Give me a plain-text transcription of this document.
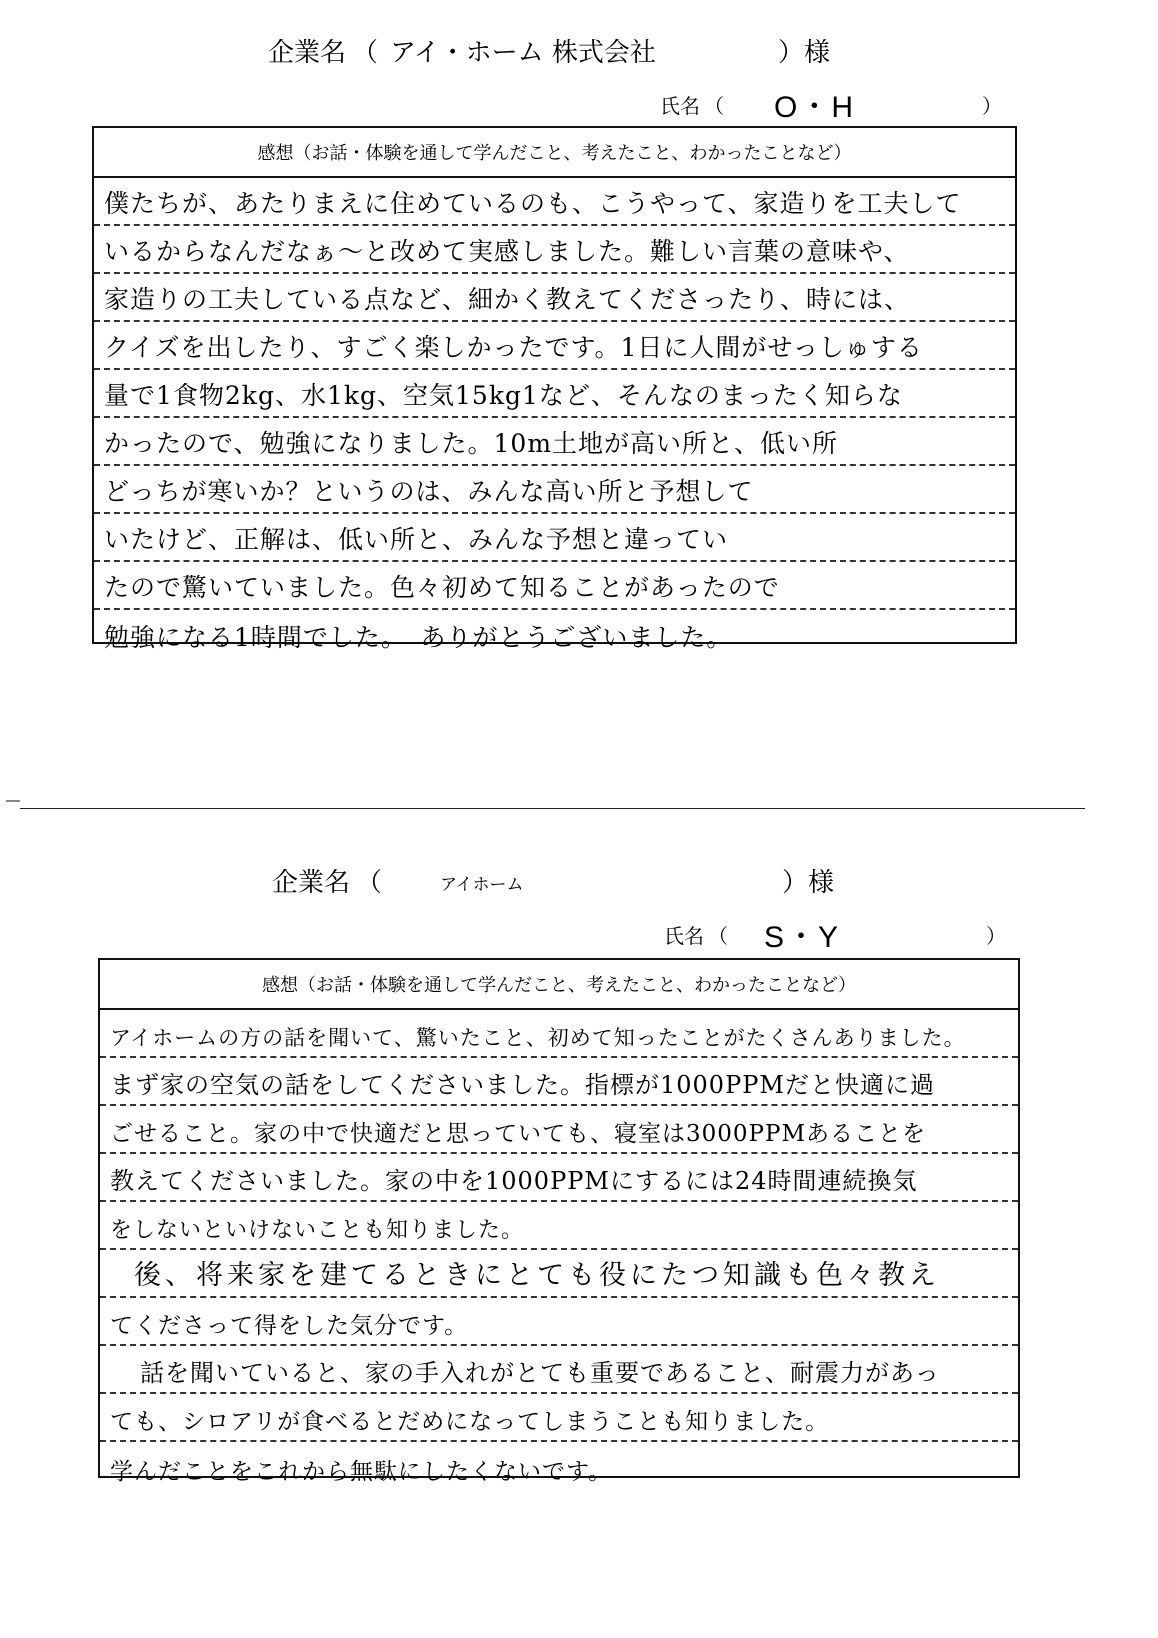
企業名 （ アイ・ホーム 株式会社	）様
氏名 （ O・H	）
感想（お話・体験を通して学んだこと、考えたこと、わかったことなど）
僕たちが、あたりまえに住めているのも、こうやって、家造りを工夫して
いるからなんだなぁ～と改めて実感しました。難しい言葉の意味や、
家造りの工夫している点など、細かく教えてくださったり、時には、
クイズを出したり、すごく楽しかったです。1日に人間がせっしゅする
量で1食物2kg、水1kg、空気15kg1など、そんなのまったく知らな
かったので、勉強になりました。10m土地が高い所と、低い所
どっちが寒いか？というのは、みんな高い所と予想して
いたけど、正解は、低い所と、みんな予想と違ってい
たので驚いていました。色々初めて知ることがあったので
勉強になる1時間でした。　ありがとうございました。
企業名 （	アイホーム	）様
氏名 （ S・Y	）
感想（お話・体験を通して学んだこと、考えたこと、わかったことなど）
アイホームの方の話を聞いて、驚いたこと、初めて知ったことがたくさんありました。
まず家の空気の話をしてくださいました。指標が1000PPMだと快適に過
ごせること。家の中で快適だと思っていても、寝室は3000PPMあることを
教えてくださいました。家の中を1000PPMにするには24時間連続換気
をしないといけないことも知りました。
後、将来家を建てるときにとても役にたつ知識も色々教え
てくださって得をした気分です。
話を聞いていると、家の手入れがとても重要であること、耐震力があっ
ても、シロアリが食べるとだめになってしまうことも知りました。
学んだことをこれから無駄にしたくないです。
